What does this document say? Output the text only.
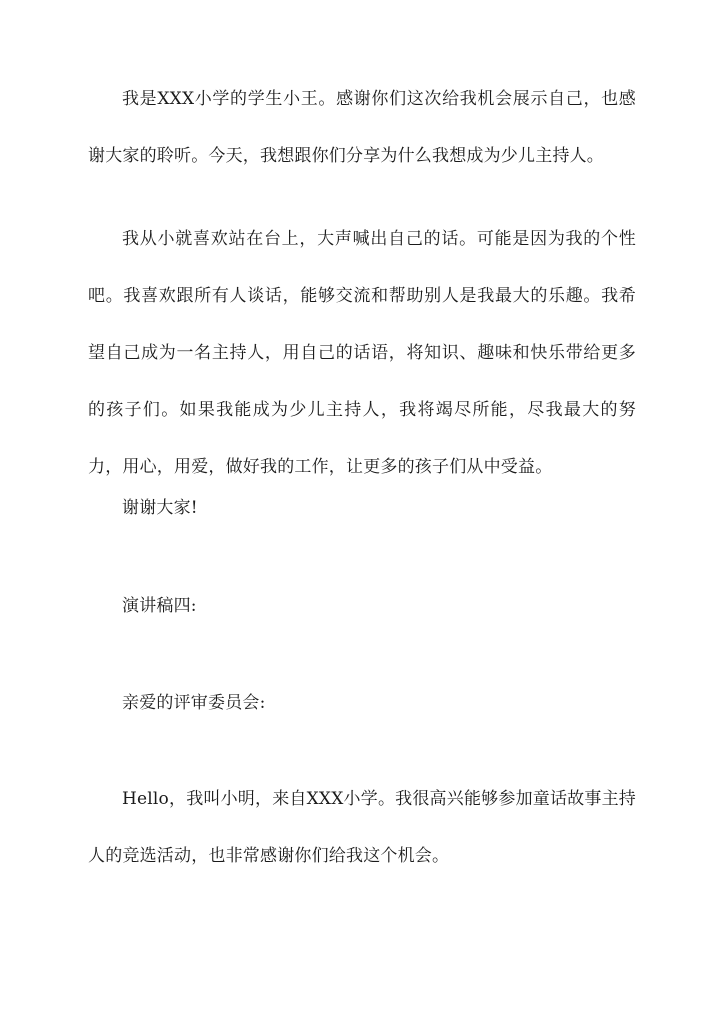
我是XXX小学的学生小王。感谢你们这次给我机会展示自己，也感谢大家的聆听。今天，我想跟你们分享为什么我想成为少儿主持人。

我从小就喜欢站在台上，大声喊出自己的话。可能是因为我的个性吧。我喜欢跟所有人谈话，能够交流和帮助别人是我最大的乐趣。我希望自己成为一名主持人，用自己的话语，将知识、趣味和快乐带给更多的孩子们。如果我能成为少儿主持人，我将竭尽所能，尽我最大的努力，用心，用爱，做好我的工作，让更多的孩子们从中受益。

谢谢大家!

演讲稿四:

亲爱的评审委员会:

Hello，我叫小明，来自XXX小学。我很高兴能够参加童话故事主持人的竞选活动，也非常感谢你们给我这个机会。
